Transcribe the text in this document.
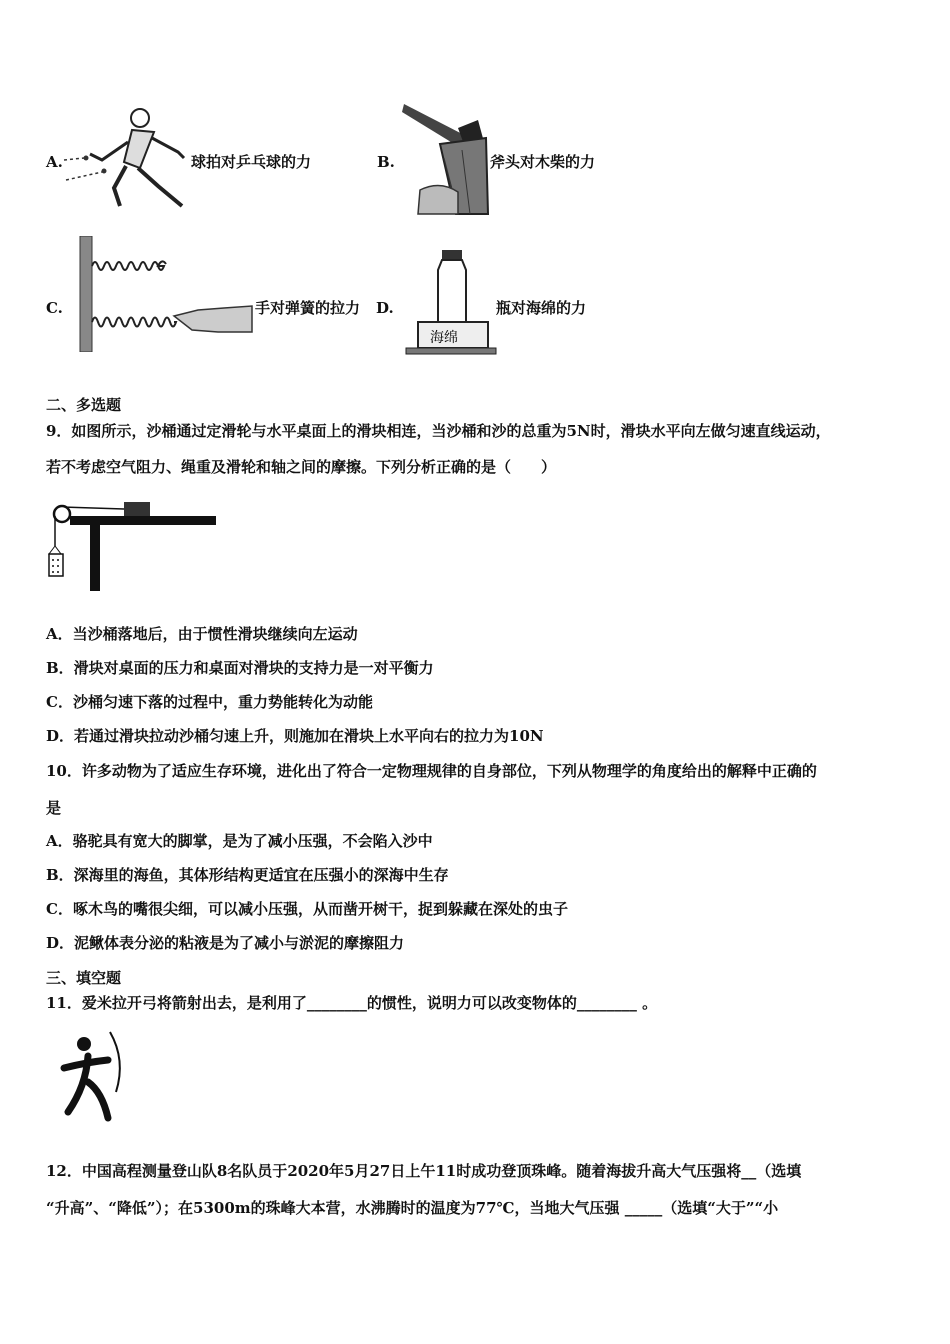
A.	球拍对乒乓球的力	B.	斧头对木柴的力
C.	手对弹簧的拉力 D.
海绵
瓶对海绵的力
二、多选题
9．如图所示，沙桶通过定滑轮与水平桌面上的滑块相连，当沙桶和沙的总重为5N时，滑块水平向左做匀速直线运动，
若不考虑空气阻力、绳重及滑轮和轴之间的摩擦。下列分析正确的是（　　）
A．当沙桶落地后，由于惯性滑块继续向左运动
B．滑块对桌面的压力和桌面对滑块的支持力是一对平衡力
C．沙桶匀速下落的过程中，重力势能转化为动能
D．若通过滑块拉动沙桶匀速上升，则施加在滑块上水平向右的拉力为10N
10．许多动物为了适应生存环境，进化出了符合一定物理规律的自身部位，下列从物理学的角度给出的解释中正确的
是
A．骆驼具有宽大的脚掌，是为了减小压强，不会陷入沙中
B．深海里的海鱼，其体形结构更适宜在压强小的深海中生存
C．啄木鸟的嘴很尖细，可以减小压强，从而凿开树干，捉到躲藏在深处的虫子
D．泥鳅体表分泌的粘液是为了减小与淤泥的摩擦阻力
三、填空题
11．爱米拉开弓将箭射出去，是利用了________的惯性，说明力可以改变物体的________ 。
12．中国高程测量登山队8名队员于2020年5月27日上午11时成功登顶珠峰。随着海拔升高大气压强将__（选填
“升高”、“降低”）；在5300m的珠峰大本营，水沸腾时的温度为77℃，当地大气压强 _____（选填“大于”“小
